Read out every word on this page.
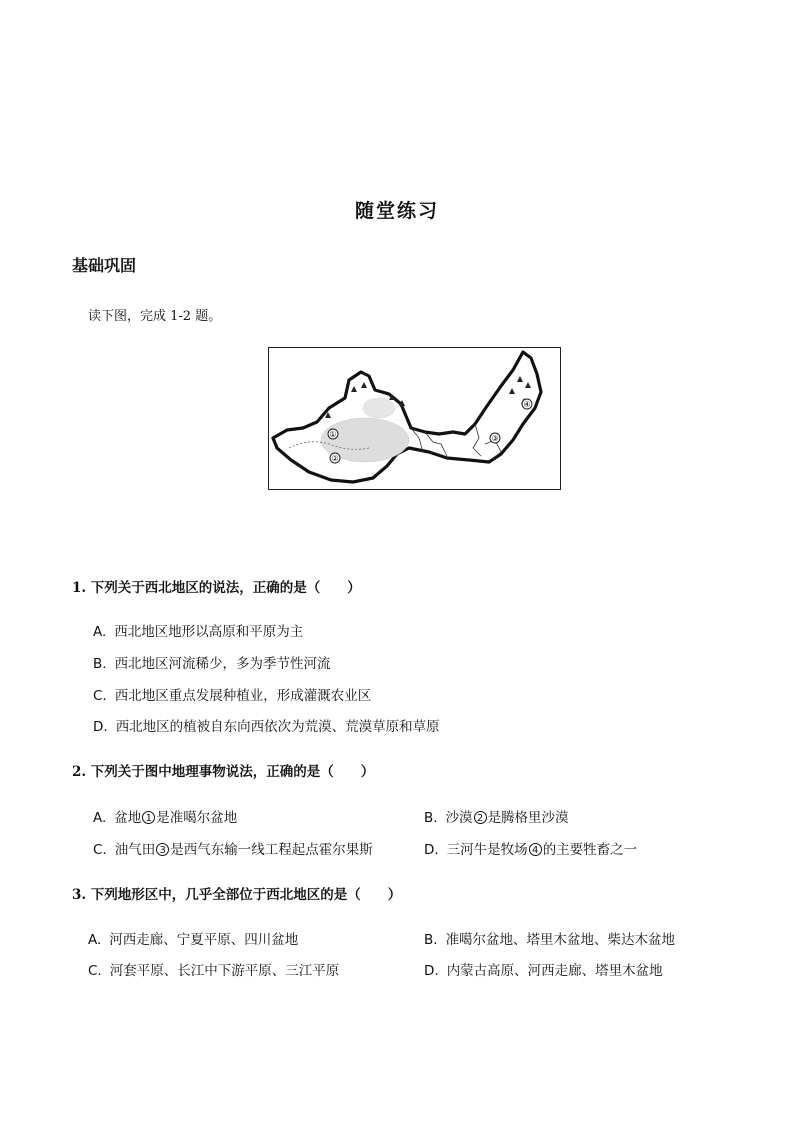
随堂练习
基础巩固
读下图，完成 1-2 题。
①
②
③
④
1. 下列关于西北地区的说法，正确的是（　　）
A. 西北地区地形以高原和平原为主
B. 西北地区河流稀少，多为季节性河流
C. 西北地区重点发展种植业，形成灌溉农业区
D. 西北地区的植被自东向西依次为荒漠、荒漠草原和草原
2. 下列关于图中地理事物说法，正确的是（　　）
A. 盆地 1 是准噶尔盆地	B. 沙漠 2 是腾格里沙漠
C. 油气田 3 是西气东输一线工程起点霍尔果斯	D. 三河牛是牧场 4 的主要牲畜之一
3. 下列地形区中，几乎全部位于西北地区的是（　　）
A. 河西走廊、宁夏平原、四川盆地	B. 准噶尔盆地、塔里木盆地、柴达木盆地
C. 河套平原、长江中下游平原、三江平原	D. 内蒙古高原、河西走廊、塔里木盆地
